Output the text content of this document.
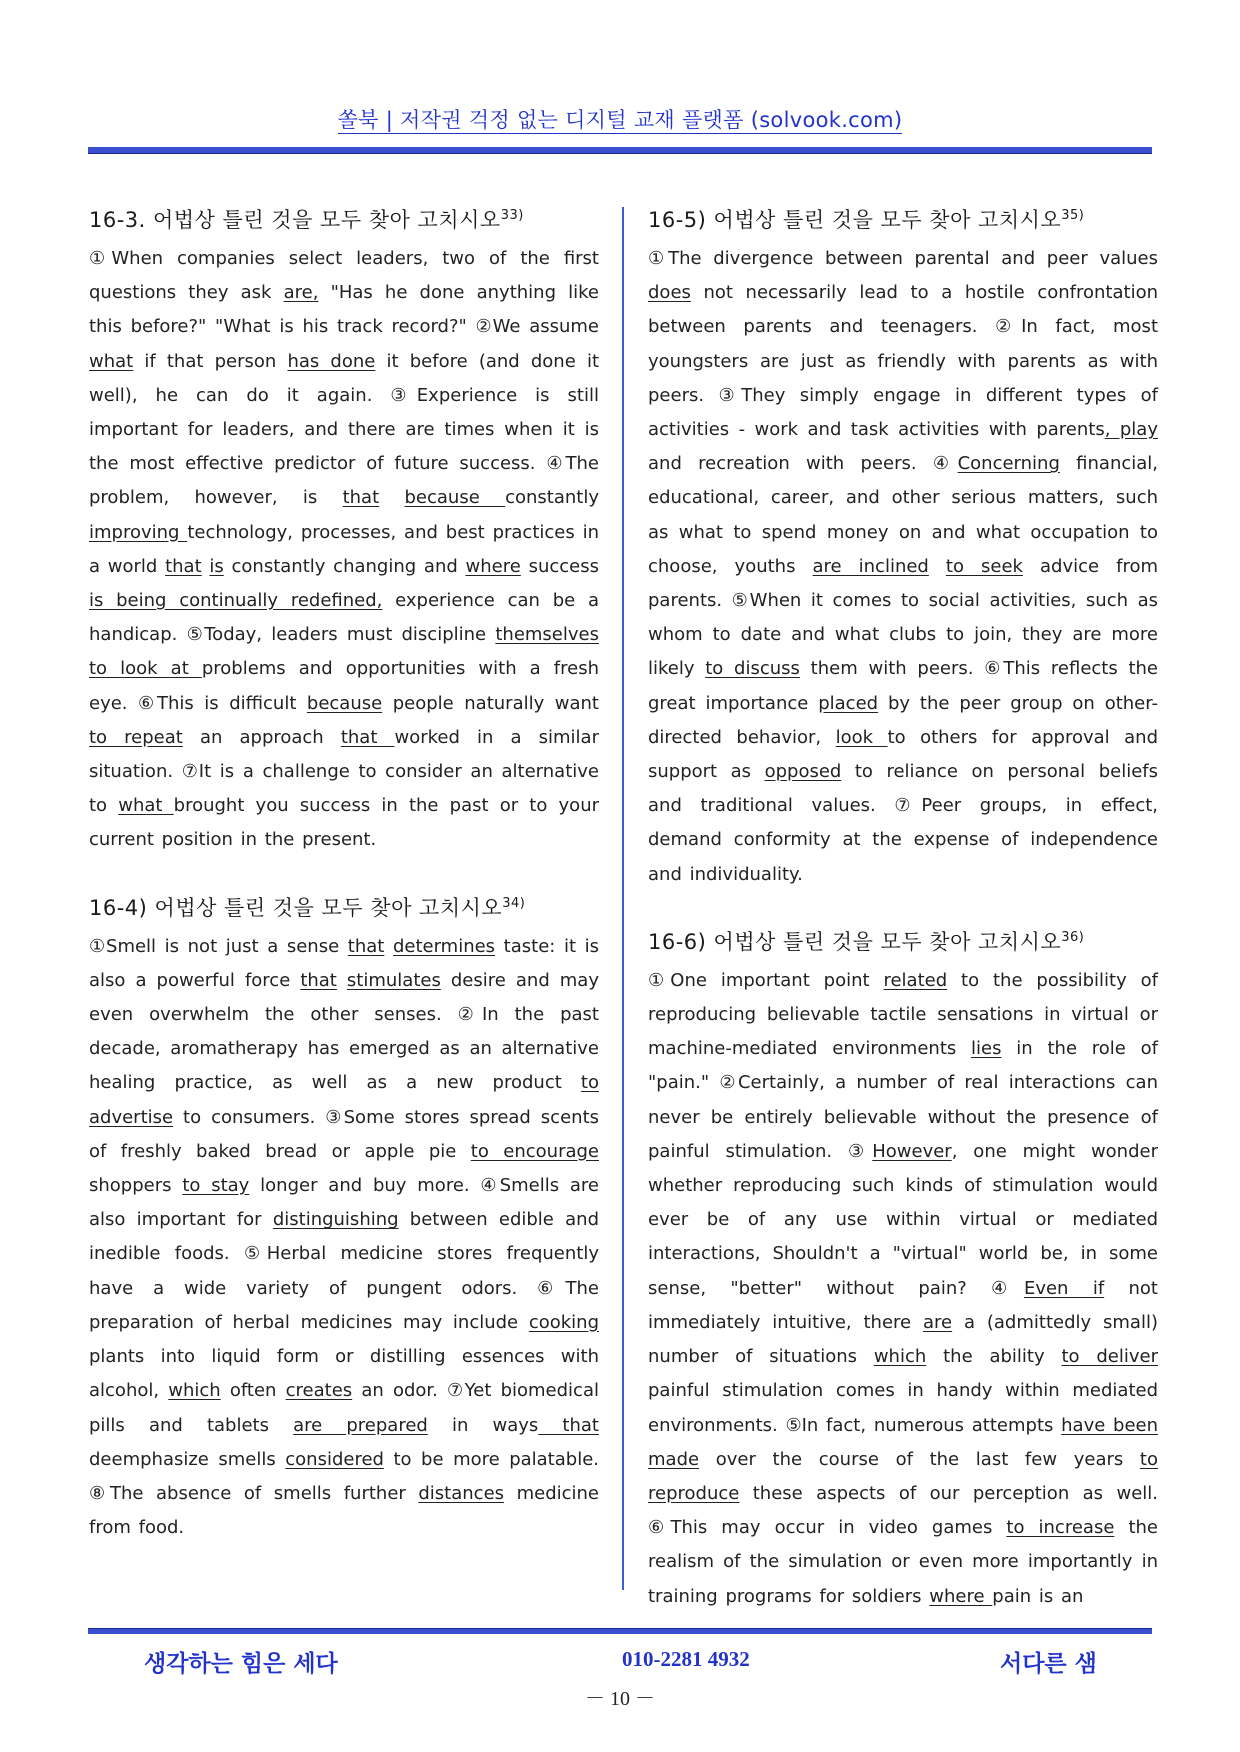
쏠북 | 저작권 걱정 없는 디지털 교재 플랫폼 (solvook.com)
16-3. 어법상 틀린 것을 모두 찾아 고치시오$^{33)}$
①When companies select leaders, two of the first questions they ask are, "Has he done anything like this before?" "What is his track record?" ②We assume what if that person has done it before (and done it well), he can do it again. ③Experience is still important for leaders, and there are times when it is the most effective predictor of future success. ④The problem, however, is that because constantly improving technology, processes, and best practices in a world that is constantly changing and where success is being continually redefined, experience can be a handicap. ⑤Today, leaders must discipline themselves to look at problems and opportunities with a fresh eye. ⑥This is difficult because people naturally want to repeat an approach that worked in a similar situation. ⑦It is a challenge to consider an alternative to what brought you success in the past or to your current position in the present.
16-4) 어법상 틀린 것을 모두 찾아 고치시오$^{34)}$
①Smell is not just a sense that determines taste: it is also a powerful force that stimulates desire and may even overwhelm the other senses. ②In the past decade, aromatherapy has emerged as an alternative healing practice, as well as a new product to advertise to consumers. ③Some stores spread scents of freshly baked bread or apple pie to encourage shoppers to stay longer and buy more. ④Smells are also important for distinguishing between edible and inedible foods. ⑤Herbal medicine stores frequently have a wide variety of pungent odors. ⑥The preparation of herbal medicines may include cooking plants into liquid form or distilling essences with alcohol, which often creates an odor. ⑦Yet biomedical pills and tablets are prepared in ways that deemphasize smells considered to be more palatable. ⑧The absence of smells further distances medicine from food.
16-5) 어법상 틀린 것을 모두 찾아 고치시오$^{35)}$
①The divergence between parental and peer values does not necessarily lead to a hostile confrontation between parents and teenagers. ②In fact, most youngsters are just as friendly with parents as with peers. ③They simply engage in different types of activities - work and task activities with parents, play and recreation with peers. ④Concerning financial, educational, career, and other serious matters, such as what to spend money on and what occupation to choose, youths are inclined to seek advice from parents. ⑤When it comes to social activities, such as whom to date and what clubs to join, they are more likely to discuss them with peers. ⑥This reflects the great importance placed by the peer group on other-directed behavior, look to others for approval and support as opposed to reliance on personal beliefs and traditional values. ⑦Peer groups, in effect, demand conformity at the expense of independence and individuality.
16-6) 어법상 틀린 것을 모두 찾아 고치시오$^{36)}$
①One important point related to the possibility of reproducing believable tactile sensations in virtual or machine-mediated environments lies in the role of "pain." ②Certainly, a number of real interactions can never be entirely believable without the presence of painful stimulation. ③However, one might wonder whether reproducing such kinds of stimulation would ever be of any use within virtual or mediated interactions, Shouldn't a "virtual" world be, in some sense, "better" without pain? ④Even if not immediately intuitive, there are a (admittedly small) number of situations which the ability to deliver painful stimulation comes in handy within mediated environments. ⑤In fact, numerous attempts have been made over the course of the last few years to reproduce these aspects of our perception as well. ⑥This may occur in video games to increase the realism of the simulation or even more importantly in training programs for soldiers where pain is an
생각하는 힘은 세다	010-2281 4932	서다른 샘
－ 10 －
